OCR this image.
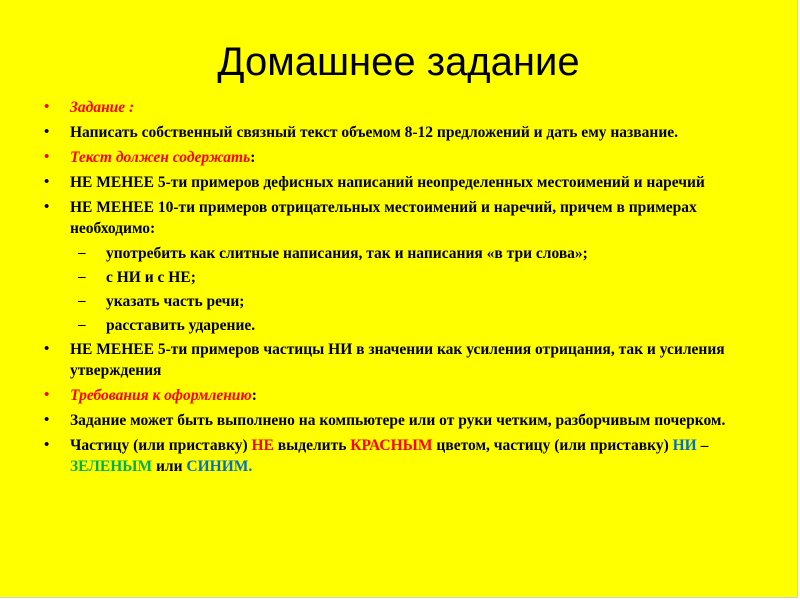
Домашнее задание
• Задание :
• Написать собственный связный текст объемом 8-12 предложений и дать ему название.
• Текст должен содержать:
• НЕ МЕНЕЕ 5-ти примеров дефисных написаний неопределенных местоимений и наречий
• НЕ МЕНЕЕ 10-ти примеров отрицательных местоимений и наречий, причем в примерах необходимо:
– употребить как слитные написания, так и написания «в три слова»;
– с НИ и с НЕ;
– указать часть речи;
– расставить ударение.
• НЕ МЕНЕЕ 5-ти примеров частицы НИ в значении как усиления отрицания, так и усиления утверждения
• Требования к оформлению:
• Задание может быть выполнено на компьютере или от руки четким, разборчивым почерком.
• Частицу (или приставку) НЕ выделить КРАСНЫМ цветом, частицу (или приставку) НИ – ЗЕЛЕНЫМ или СИНИМ.
